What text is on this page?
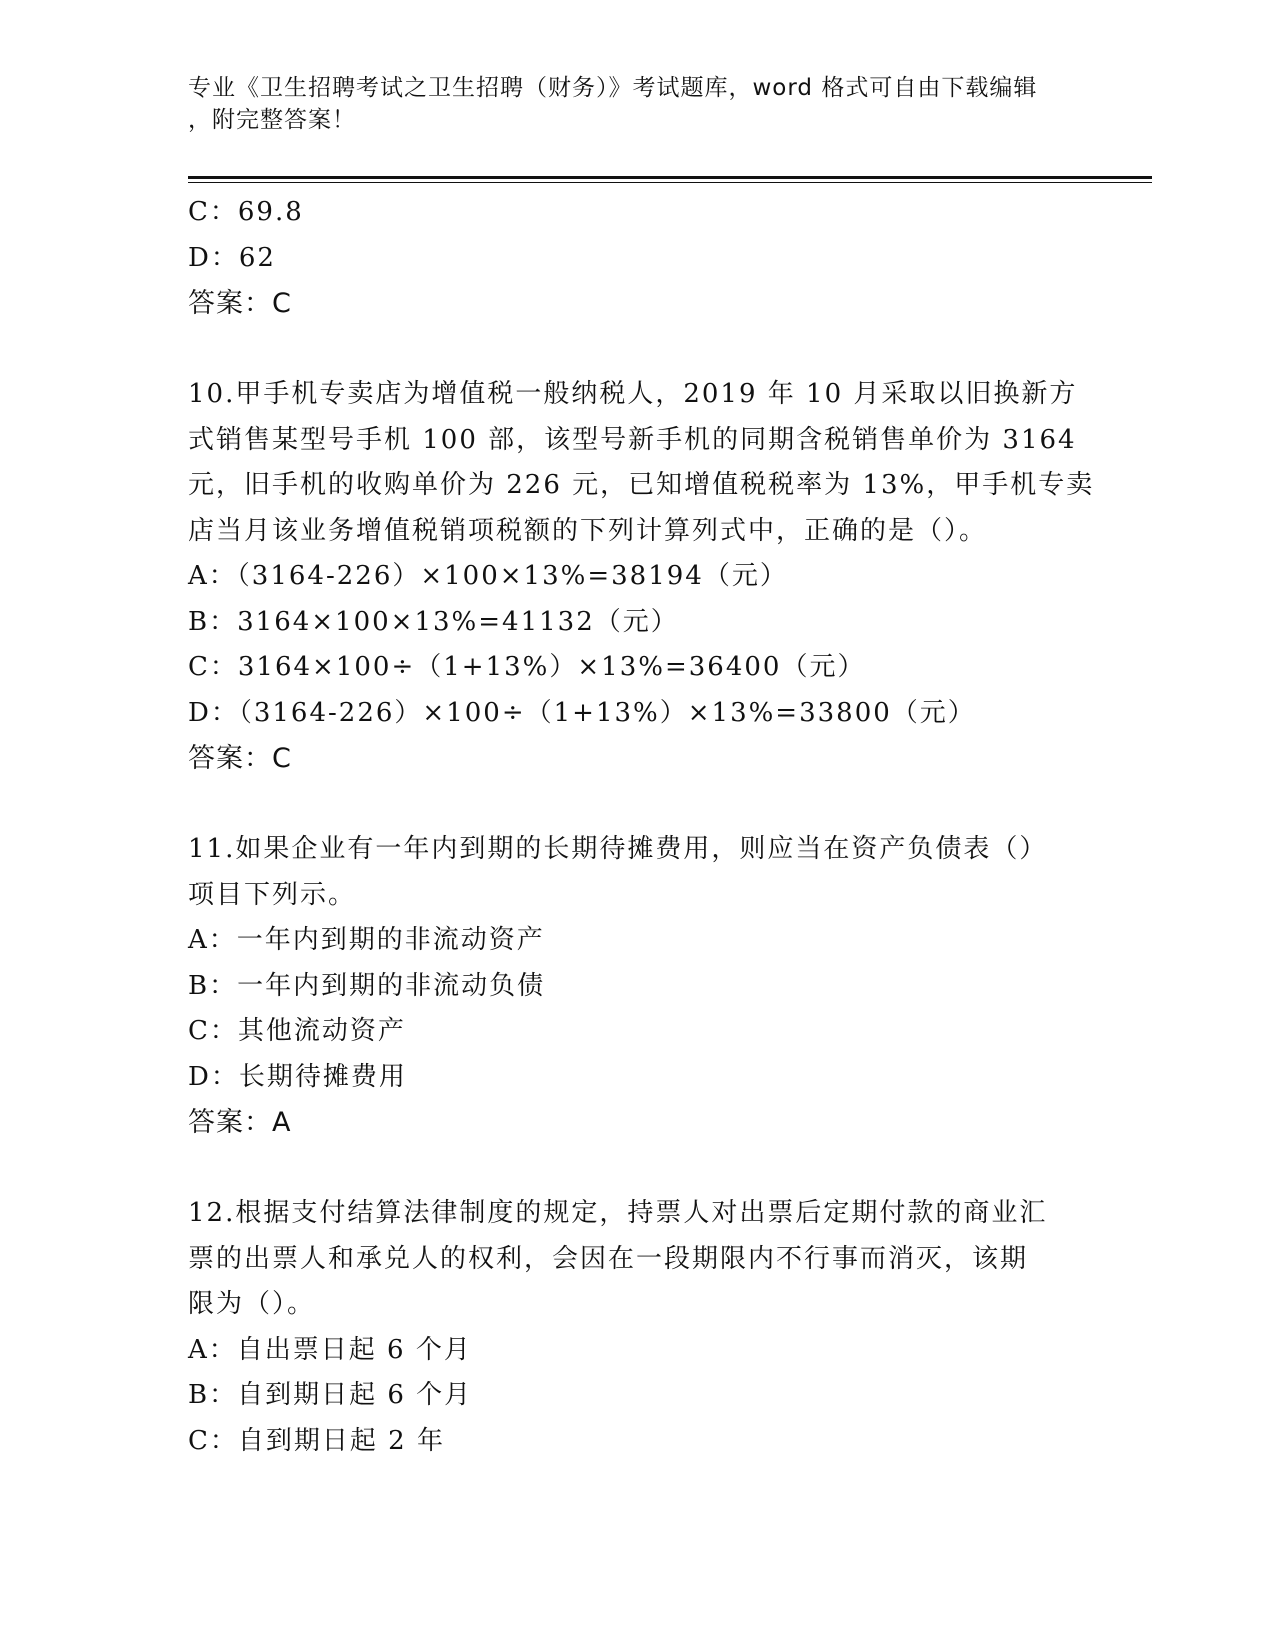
专业《卫生招聘考试之卫生招聘（财务）》考试题库，word 格式可自由下载编辑
，附完整答案！
C：69.8
D：62
答案：C
10.甲手机专卖店为增值税一般纳税人，2019 年 10 月采取以旧换新方
式销售某型号手机 100 部，该型号新手机的同期含税销售单价为 3164
元，旧手机的收购单价为 226 元，已知增值税税率为 13%，甲手机专卖
店当月该业务增值税销项税额的下列计算列式中，正确的是（）。
A：（3164-226）×100×13%=38194（元）
B：3164×100×13%=41132（元）
C：3164×100÷（1+13%）×13%=36400（元）
D：（3164-226）×100÷（1+13%）×13%=33800（元）
答案：C
11.如果企业有一年内到期的长期待摊费用，则应当在资产负债表（）
项目下列示。
A：一年内到期的非流动资产
B：一年内到期的非流动负债
C：其他流动资产
D：长期待摊费用
答案：A
12.根据支付结算法律制度的规定，持票人对出票后定期付款的商业汇
票的出票人和承兑人的权利，会因在一段期限内不行事而消灭，该期
限为（）。
A：自出票日起 6 个月
B：自到期日起 6 个月
C：自到期日起 2 年
